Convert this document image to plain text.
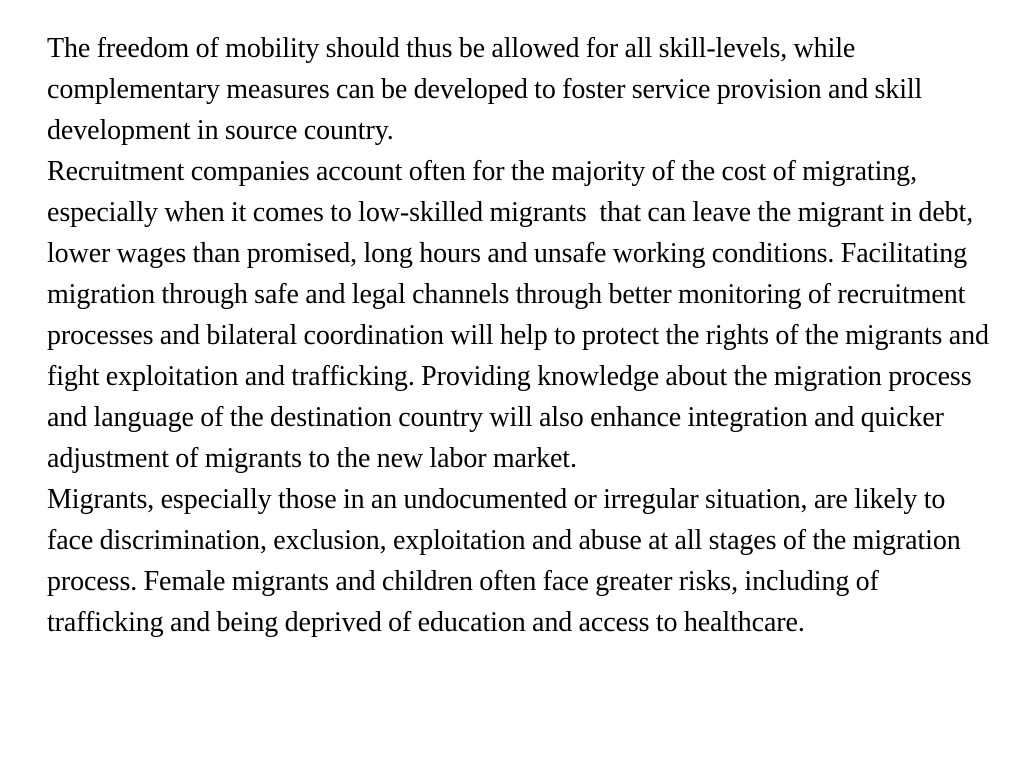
The freedom of mobility should thus be allowed for all skill-levels, while complementary measures can be developed to foster service provision and skill development in source country.

Recruitment companies account often for the majority of the cost of migrating, especially when it comes to low-skilled migrants  that can leave the migrant in debt, lower wages than promised, long hours and unsafe working conditions. Facilitating migration through safe and legal channels through better monitoring of recruitment processes and bilateral coordination will help to protect the rights of the migrants and fight exploitation and trafficking. Providing knowledge about the migration process and language of the destination country will also enhance integration and quicker adjustment of migrants to the new labor market.

Migrants, especially those in an undocumented or irregular situation, are likely to face discrimination, exclusion, exploitation and abuse at all stages of the migration process. Female migrants and children often face greater risks, including of trafficking and being deprived of education and access to healthcare.
